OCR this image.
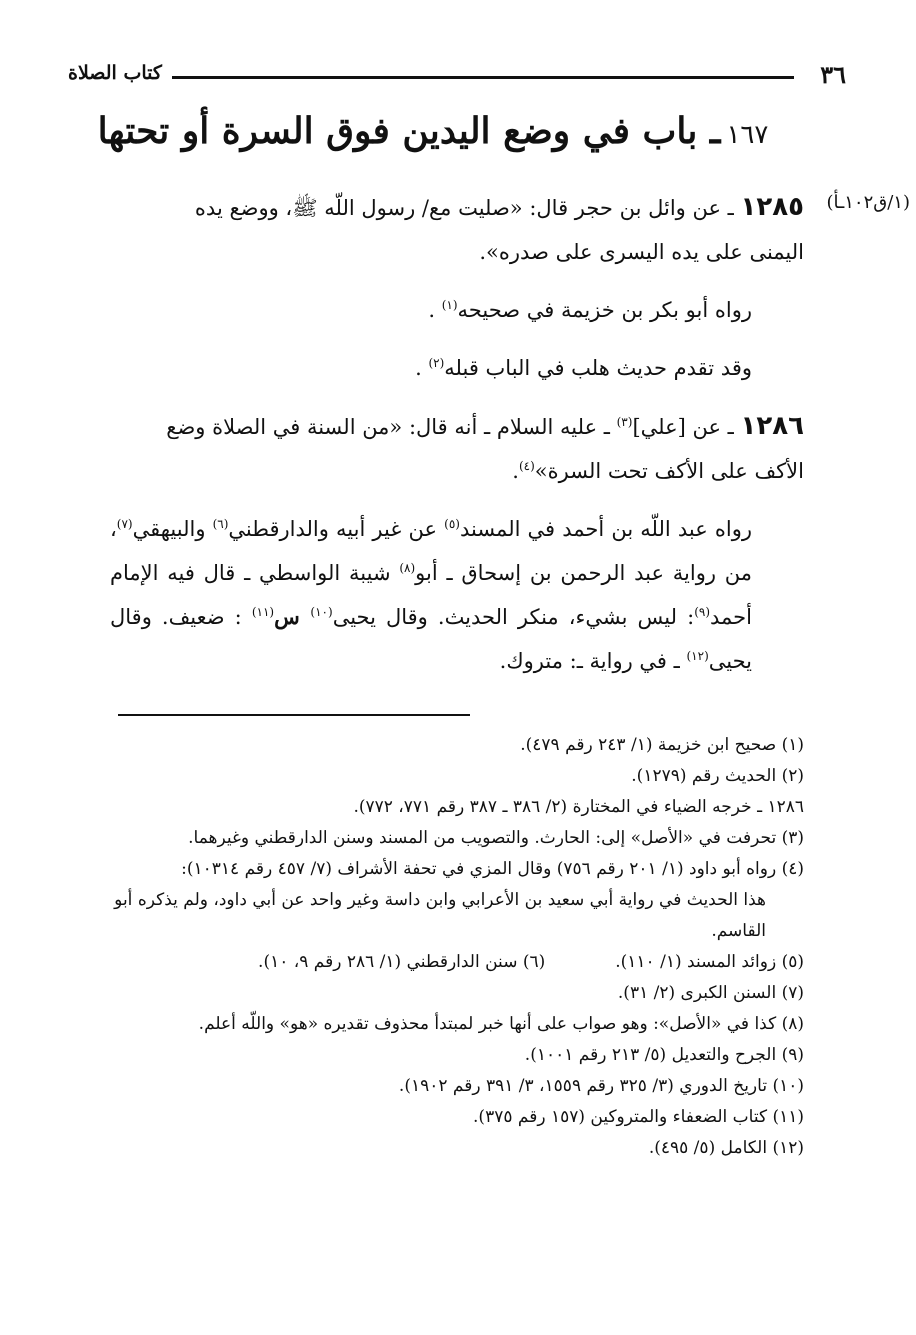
٣٦
كتاب الصلاة
١٦٧ـ باب في وضع اليدين فوق السرة أو تحتها
(١/ق١٠٢ـأ)

١٢٨٥ ـ عن وائل بن حجر قال: «صليت مع/ رسول اللّه ﷺ، ووضع يده

اليمنى على يده اليسرى على صدره».

رواه أبو بكر بن خزيمة في صحيحه$^{(١)}$ .

وقد تقدم حديث هلب في الباب قبله$^{(٢)}$ .

١٢٨٦ ـ عن [علي]$^{(٣)}$ ـ عليه السلام ـ أنه قال: «من السنة في الصلاة وضع

الأكف على الأكف تحت السرة»$^{(٤)}$.

رواه عبد اللّه بن أحمد في المسند$^{(٥)}$ عن غير أبيه والدارقطني$^{(٦)}$ والبيهقي$^{(٧)}$، من رواية عبد الرحمن بن إسحاق ـ أبو$^{(٨)}$ شيبة الواسطي ـ قال فيه الإمام أحمد$^{(٩)}$: ليس بشيء، منكر الحديث. وقال يحيى$^{(١٠)}$ س$^{(١١)}$ : ضعيف. وقال يحيى$^{(١٢)}$ ـ في رواية ـ: متروك.

(١) صحيح ابن خزيمة (١/ ٢٤٣ رقم ٤٧٩).

(٢) الحديث رقم (١٢٧٩).

١٢٨٦ ـ خرجه الضياء في المختارة (٢/ ٣٨٦ ـ ٣٨٧ رقم ٧٧١، ٧٧٢).

(٣) تحرفت في «الأصل» إلى: الحارث. والتصويب من المسند وسنن الدارقطني وغيرهما.

(٤) رواه أبو داود (١/ ٢٠١ رقم ٧٥٦) وقال المزي في تحفة الأشراف (٧/ ٤٥٧ رقم ١٠٣١٤):

هذا الحديث في رواية أبي سعيد بن الأعرابي وابن داسة وغير واحد عن أبي داود، ولم يذكره أبو القاسم.

(٥) زوائد المسند (١/ ١١٠).
(٦) سنن الدارقطني (١/ ٢٨٦ رقم ٩، ١٠).

(٧) السنن الكبرى (٢/ ٣١).

(٨) كذا في «الأصل»: وهو صواب على أنها خبر لمبتدأ محذوف تقديره «هو» واللّه أعلم.

(٩) الجرح والتعديل (٥/ ٢١٣ رقم ١٠٠١).

(١٠) تاريخ الدوري (٣/ ٣٢٥ رقم ١٥٥٩، ٣/ ٣٩١ رقم ١٩٠٢).

(١١) كتاب الضعفاء والمتروكين (١٥٧ رقم ٣٧٥).

(١٢) الكامل (٥/ ٤٩٥).
